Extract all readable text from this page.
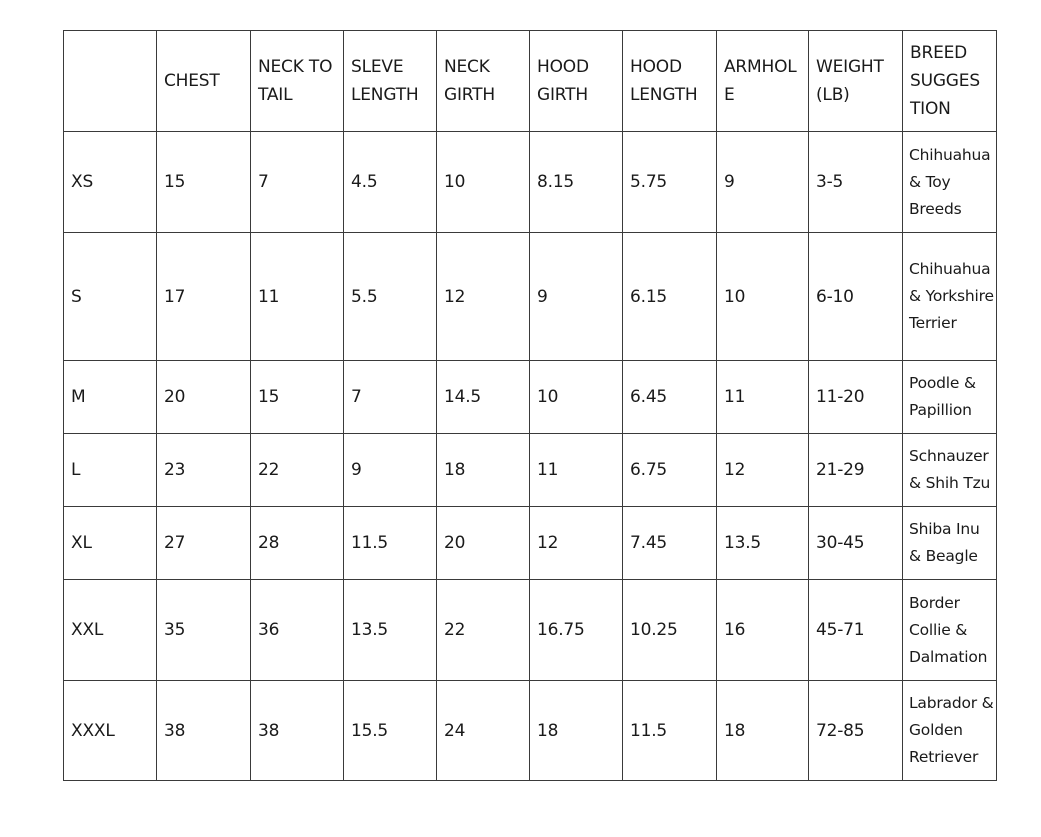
	CHEST	NECK TO TAIL	SLEVE LENGTH	NECK GIRTH	HOOD GIRTH	HOOD LENGTH	ARMHOL E	WEIGHT (LB)	BREED SUGGES TION
XS	15	7	4.5	10	8.15	5.75	9	3-5	Chihuahua & Toy Breeds
S	17	11	5.5	12	9	6.15	10	6-10	Chihuahua & Yorkshire Terrier
M	20	15	7	14.5	10	6.45	11	11-20	Poodle & Papillion
L	23	22	9	18	11	6.75	12	21-29	Schnauzer & Shih Tzu
XL	27	28	11.5	20	12	7.45	13.5	30-45	Shiba Inu & Beagle
XXL	35	36	13.5	22	16.75	10.25	16	45-71	Border Collie & Dalmation
XXXL	38	38	15.5	24	18	11.5	18	72-85	Labrador & Golden Retriever
